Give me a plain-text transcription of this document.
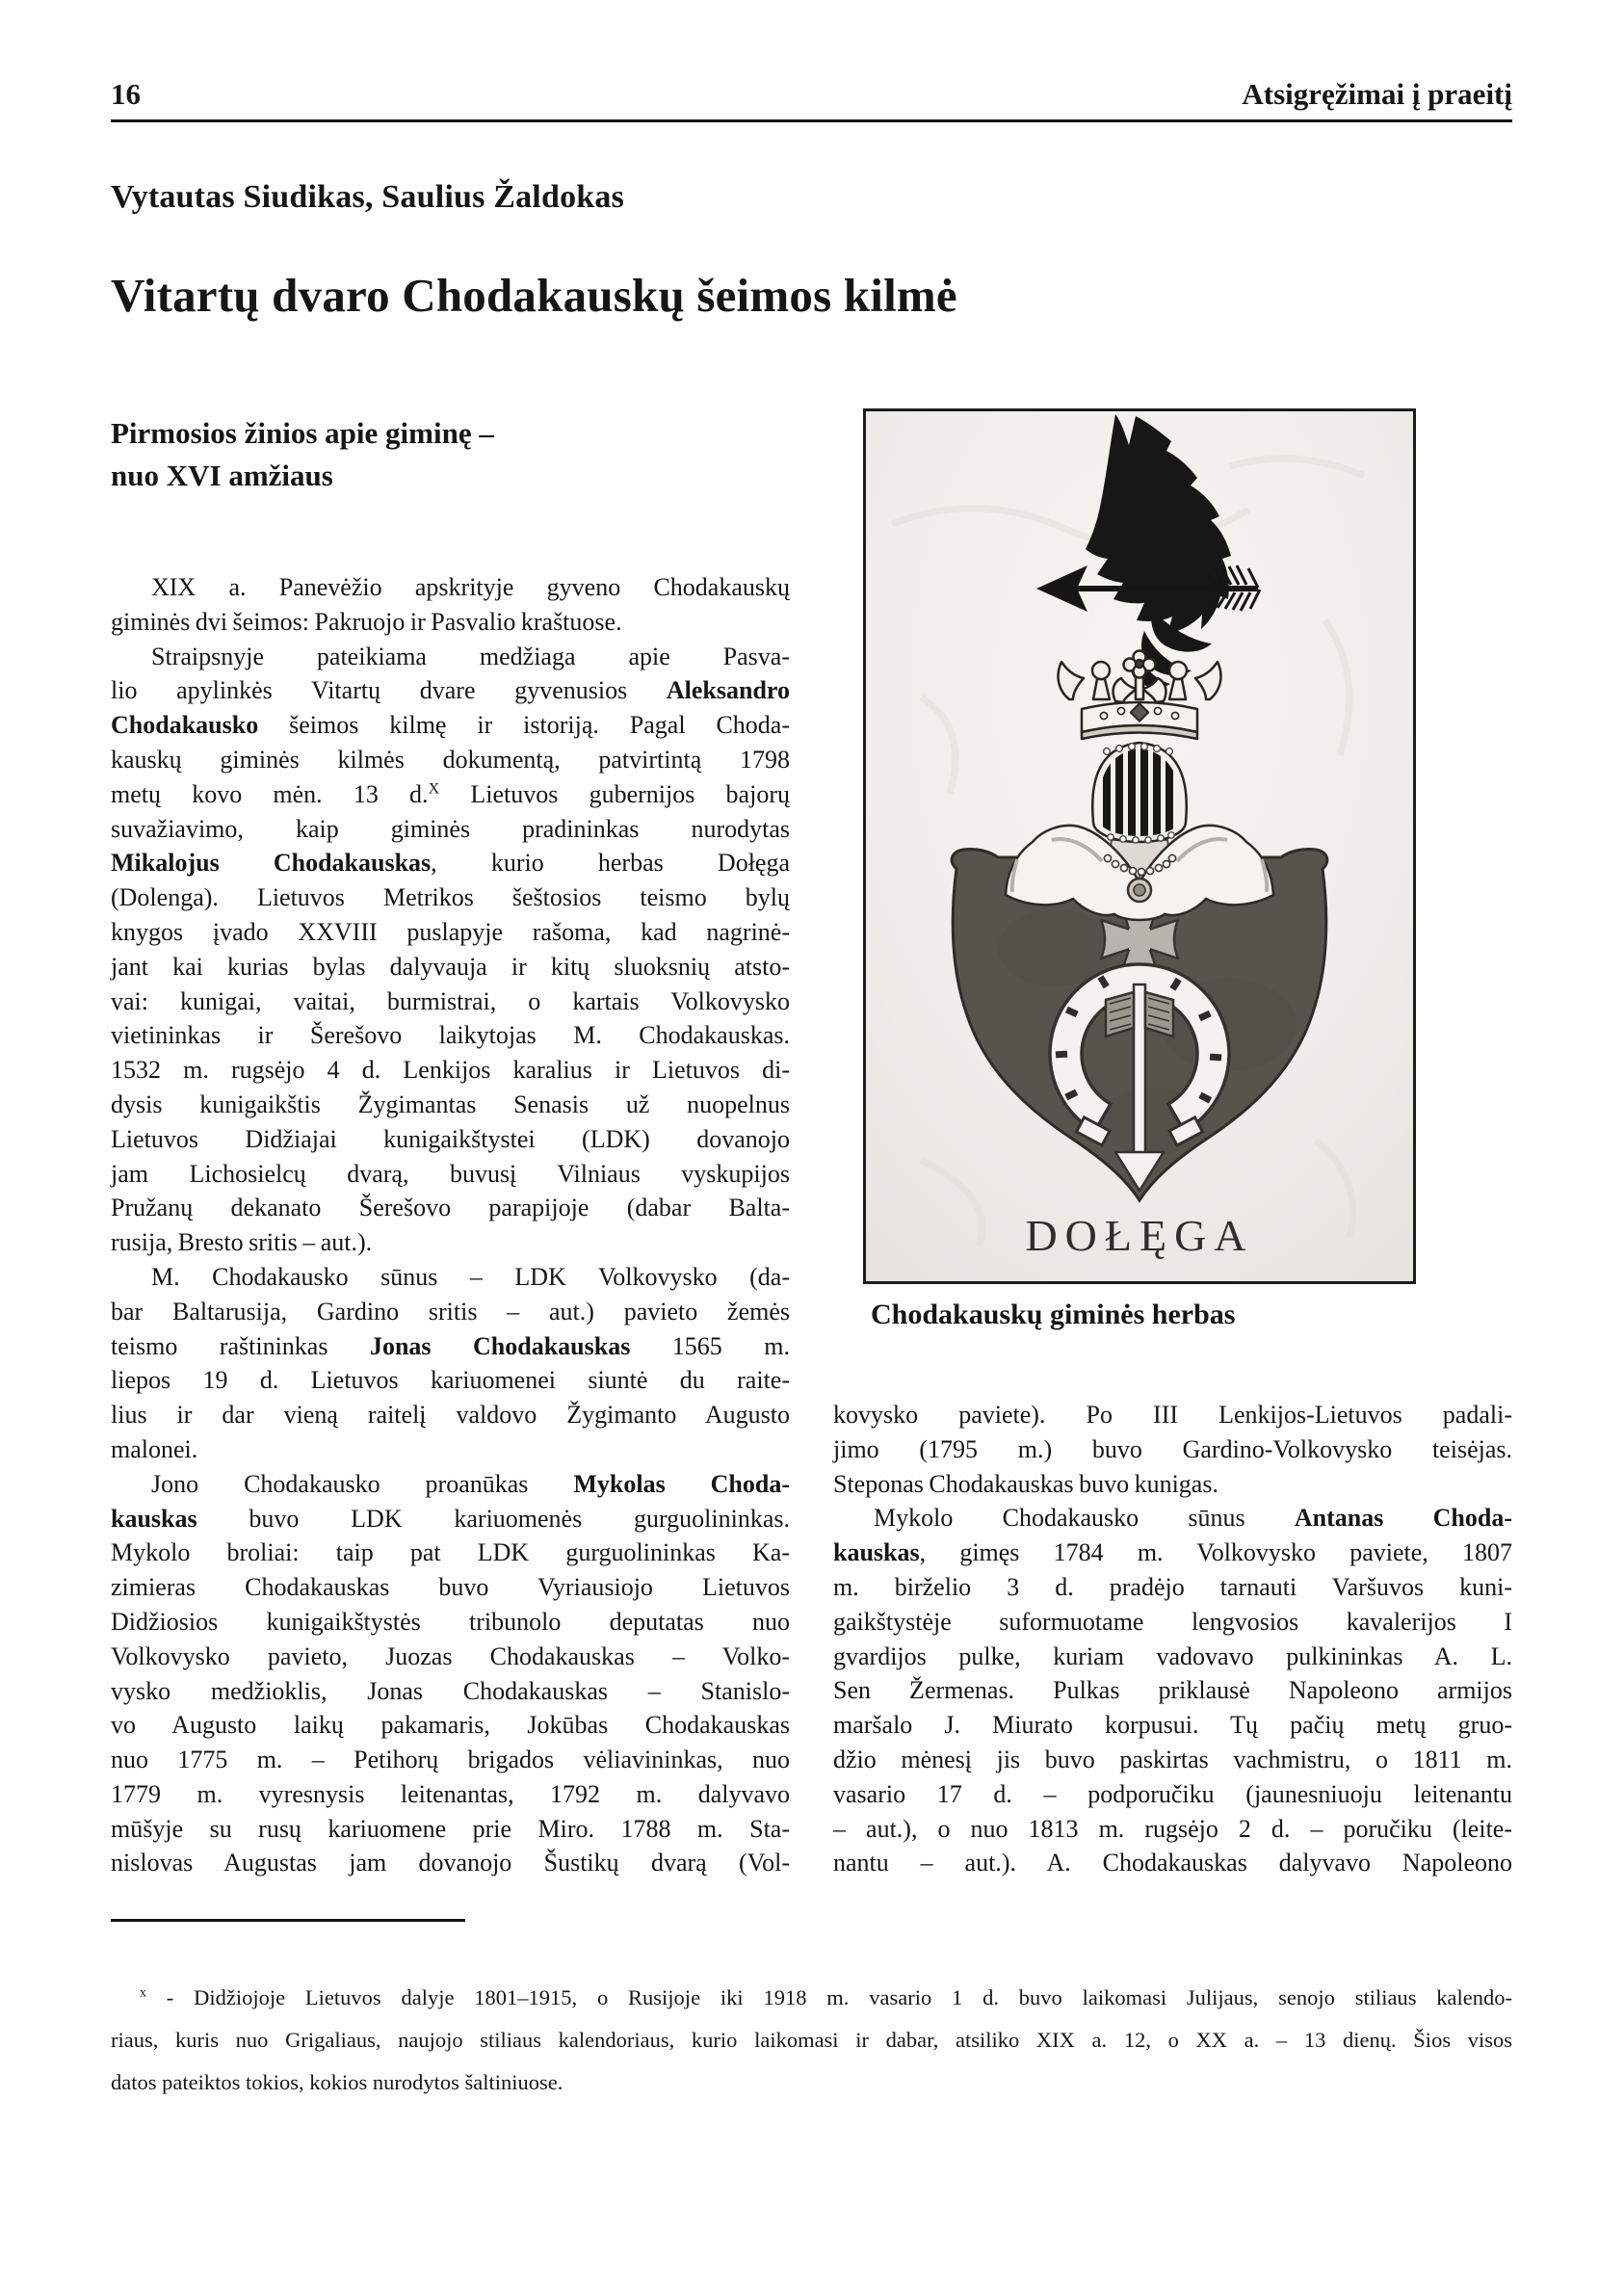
16	Atsigręžimai į praeitį
Vytautas Siudikas, Saulius Žaldokas
Vitartų dvaro Chodakauskų šeimos kilmė
Pirmosios žinios apie giminę –
nuo XVI amžiaus
XIX a. Panevėžio apskrityje gyveno Chodakauskų
giminės dvi šeimos: Pakruojo ir Pasvalio kraštuose.
Straipsnyje pateikiama medžiaga apie Pasva-
lio apylinkės Vitartų dvare gyvenusios Aleksandro
Chodakausko šeimos kilmę ir istoriją. Pagal Choda-
kauskų giminės kilmės dokumentą, patvirtintą 1798
metų kovo mėn. 13 d.$^X$ Lietuvos gubernijos bajorų
suvažiavimo, kaip giminės pradininkas nurodytas
Mikalojus Chodakauskas, kurio herbas Dołęga
(Dolenga). Lietuvos Metrikos šeštosios teismo bylų
knygos įvado XXVIII puslapyje rašoma, kad nagrinė-
jant kai kurias bylas dalyvauja ir kitų sluoksnių atsto-
vai: kunigai, vaitai, burmistrai, o kartais Volkovysko
vietininkas ir Šerešovo laikytojas M. Chodakauskas.
1532 m. rugsėjo 4 d. Lenkijos karalius ir Lietuvos di-
dysis kunigaikštis Žygimantas Senasis už nuopelnus
Lietuvos Didžiajai kunigaikštystei (LDK) dovanojo
jam Lichosielcų dvarą, buvusį Vilniaus vyskupijos
Pružanų dekanato Šerešovo parapijoje (dabar Balta-
rusija, Bresto sritis – aut.).
M. Chodakausko sūnus – LDK Volkovysko (da-
bar Baltarusija, Gardino sritis – aut.) pavieto žemės
teismo raštininkas Jonas Chodakauskas 1565 m.
liepos 19 d. Lietuvos kariuomenei siuntė du raite-
lius ir dar vieną raitelį valdovo Žygimanto Augusto
malonei.
Jono Chodakausko proanūkas Mykolas Choda-
kauskas buvo LDK kariuomenės gurguolininkas.
Mykolo broliai: taip pat LDK gurguolininkas Ka-
zimieras Chodakauskas buvo Vyriausiojo Lietuvos
Didžiosios kunigaikštystės tribunolo deputatas nuo
Volkovysko pavieto, Juozas Chodakauskas – Volko-
vysko medžioklis, Jonas Chodakauskas – Stanislo-
vo Augusto laikų pakamaris, Jokūbas Chodakauskas
nuo 1775 m. – Petihorų brigados vėliavininkas, nuo
1779 m. vyresnysis leitenantas, 1792 m. dalyvavo
mūšyje su rusų kariuomene prie Miro. 1788 m. Sta-
nislovas Augustas jam dovanojo Šustikų dvarą (Vol-
DOŁĘGA
Chodakauskų giminės herbas
kovysko paviete). Po III Lenkijos-Lietuvos padali-
jimo (1795 m.) buvo Gardino-Volkovysko teisėjas.
Steponas Chodakauskas buvo kunigas.
Mykolo Chodakausko sūnus Antanas Choda-
kauskas, gimęs 1784 m. Volkovysko paviete, 1807
m. birželio 3 d. pradėjo tarnauti Varšuvos kuni-
gaikštystėje suformuotame lengvosios kavalerijos I
gvardijos pulke, kuriam vadovavo pulkininkas A. L.
Sen Žermenas. Pulkas priklausė Napoleono armijos
maršalo J. Miurato korpusui. Tų pačių metų gruo-
džio mėnesį jis buvo paskirtas vachmistru, o 1811 m.
vasario 17 d. – podporučiku (jaunesniuoju leitenantu
– aut.), o nuo 1813 m. rugsėjo 2 d. – poručiku (leite-
nantu – aut.). A. Chodakauskas dalyvavo Napoleono
$^x$ - Didžiojoje Lietuvos dalyje 1801–1915, o Rusijoje iki 1918 m. vasario 1 d. buvo laikomasi Julijaus, senojo stiliaus kalendo-
riaus, kuris nuo Grigaliaus, naujojo stiliaus kalendoriaus, kurio laikomasi ir dabar, atsiliko XIX a. 12, o XX a. – 13 dienų. Šios visos
datos pateiktos tokios, kokios nurodytos šaltiniuose.
